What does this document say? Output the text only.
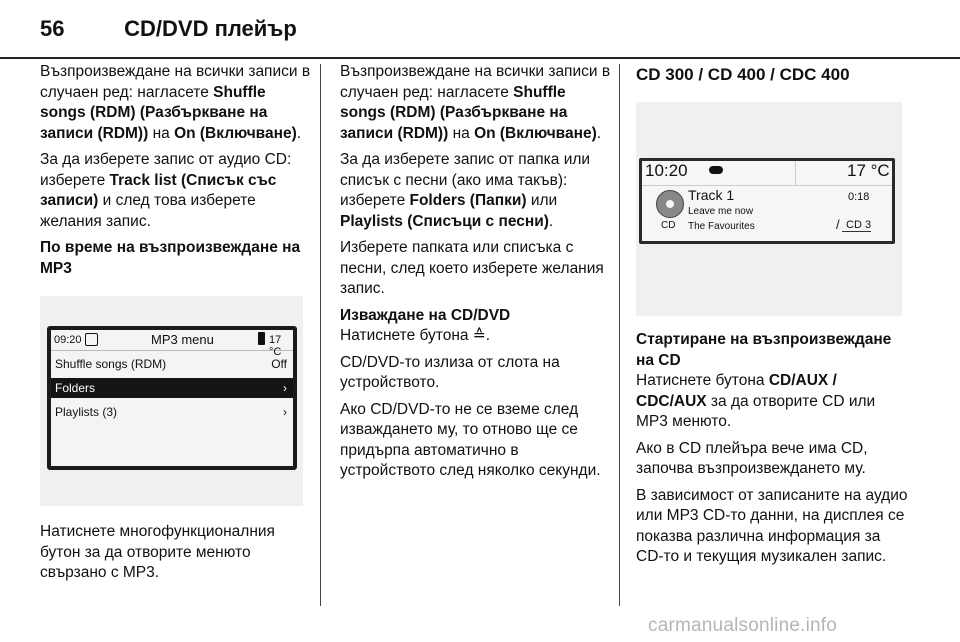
56	CD/DVD плейър

Възпроизвеждане на всички записи в случаен ред: нагласете Shuffle songs (RDM) (Разбъркване на записи (RDM)) на On (Включване).

За да изберете запис от аудио CD: изберете Track list (Списък със записи) и след това изберете желания запис.

По време на възпроизвеждане на MP3
09:20	MP3 menu	17 °C
Shuffle songs (RDM)	Off
Folders	›
Playlists (3)	›

Натиснете многофункционалния бутон за да отворите менюто свързано с MP3.

Възпроизвеждане на всички записи в случаен ред: нагласете Shuffle songs (RDM) (Разбъркване на записи (RDM)) на On (Включване).

За да изберете запис от папка или списък с песни (ако има такъв): изберете Folders (Папки) или Playlists (Списъци с песни).

Изберете папката или списъка с песни, след което изберете желания запис.

Изваждане на CD/DVD

Натиснете бутона ≙.

CD/DVD-то излиза от слота на устройството.

Ако CD/DVD-то не се вземе след изваждането му, то отново ще се придърпа автоматично в устройството след няколко секунди.

CD 300 / CD 400 / CDC 400
10:20	17 °C
CD
Track 1
Leave me now
The Favourites
0:18
/ CD 3
Стартиране на възпроизвеждане на CD

Натиснете бутона CD/AUX / CDC/AUX за да отворите CD или MP3 менюто.

Ако в CD плейъра вече има CD, започва възпроизвеждането му.

В зависимост от записаните на аудио или MP3 CD-то данни, на дисплея се показва различна информация за CD-то и текущия музикален запис.

carmanualsonline.info
